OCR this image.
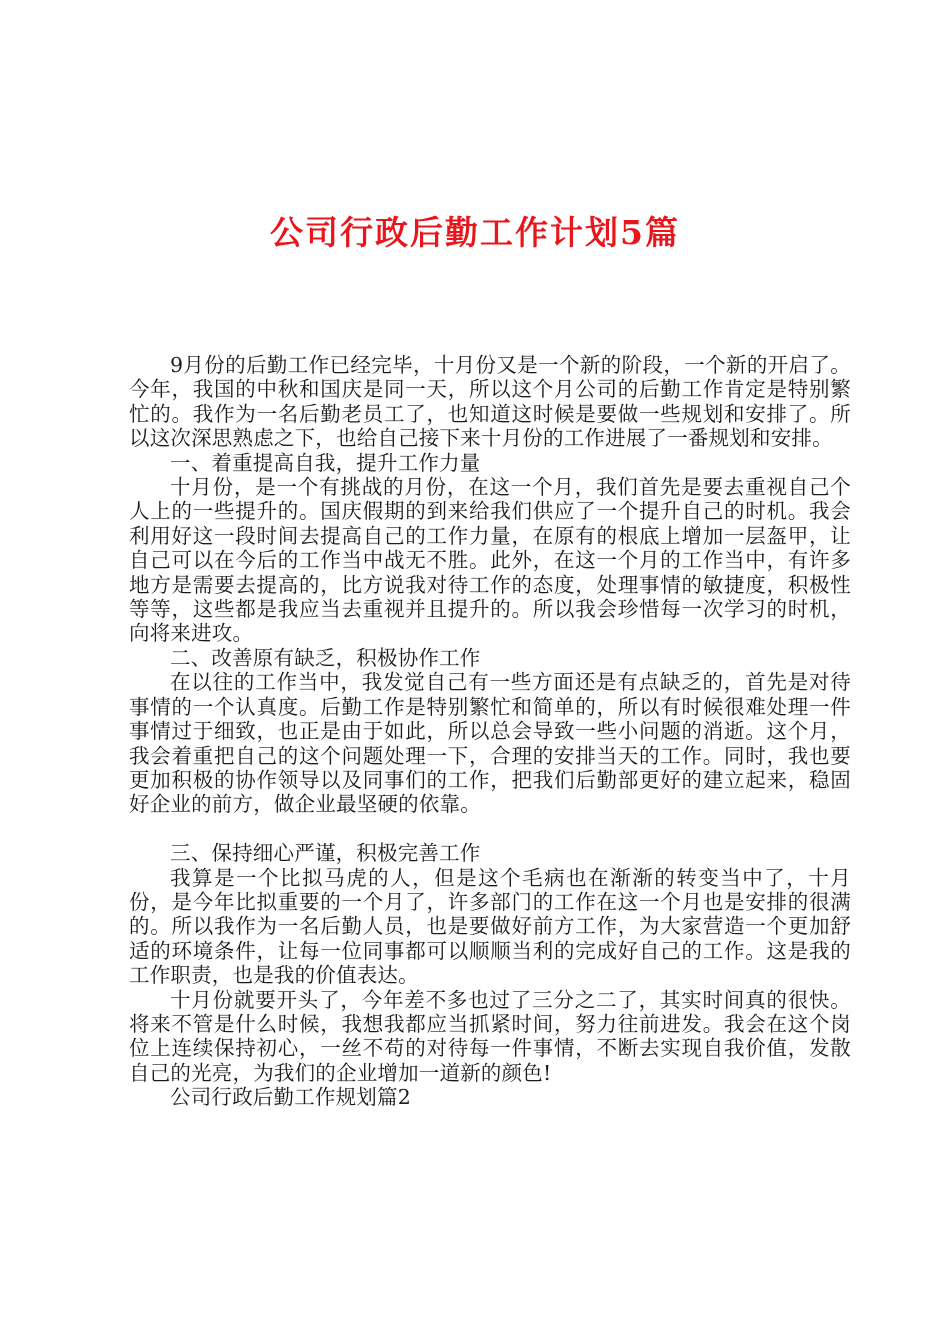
公司行政后勤工作计划5篇

9月份的后勤工作已经完毕，十月份又是一个新的阶段，一个新的开启了。今年，我国的中秋和国庆是同一天，所以这个月公司的后勤工作肯定是特别繁忙的。我作为一名后勤老员工了，也知道这时候是要做一些规划和安排了。所以这次深思熟虑之下，也给自己接下来十月份的工作进展了一番规划和安排。

一、着重提高自我，提升工作力量

十月份，是一个有挑战的月份，在这一个月，我们首先是要去重视自己个人上的一些提升的。国庆假期的到来给我们供应了一个提升自己的时机。我会利用好这一段时间去提高自己的工作力量，在原有的根底上增加一层盔甲，让自己可以在今后的工作当中战无不胜。此外，在这一个月的工作当中，有许多地方是需要去提高的，比方说我对待工作的态度，处理事情的敏捷度，积极性等等，这些都是我应当去重视并且提升的。所以我会珍惜每一次学习的时机，向将来进攻。

二、改善原有缺乏，积极协作工作

在以往的工作当中，我发觉自己有一些方面还是有点缺乏的，首先是对待事情的一个认真度。后勤工作是特别繁忙和简单的，所以有时候很难处理一件事情过于细致，也正是由于如此，所以总会导致一些小问题的消逝。这个月，我会着重把自己的这个问题处理一下，合理的安排当天的工作。同时，我也要更加积极的协作领导以及同事们的工作，把我们后勤部更好的建立起来，稳固好企业的前方，做企业最坚硬的依靠。

三、保持细心严谨，积极完善工作

我算是一个比拟马虎的人，但是这个毛病也在渐渐的转变当中了，十月份，是今年比拟重要的一个月了，许多部门的工作在这一个月也是安排的很满的。所以我作为一名后勤人员，也是要做好前方工作，为大家营造一个更加舒适的环境条件，让每一位同事都可以顺顺当利的完成好自己的工作。这是我的工作职责，也是我的价值表达。

十月份就要开头了，今年差不多也过了三分之二了，其实时间真的很快。将来不管是什么时候，我想我都应当抓紧时间，努力往前进发。我会在这个岗位上连续保持初心，一丝不苟的对待每一件事情，不断去实现自我价值，发散自己的光亮，为我们的企业增加一道新的颜色!

公司行政后勤工作规划篇2
